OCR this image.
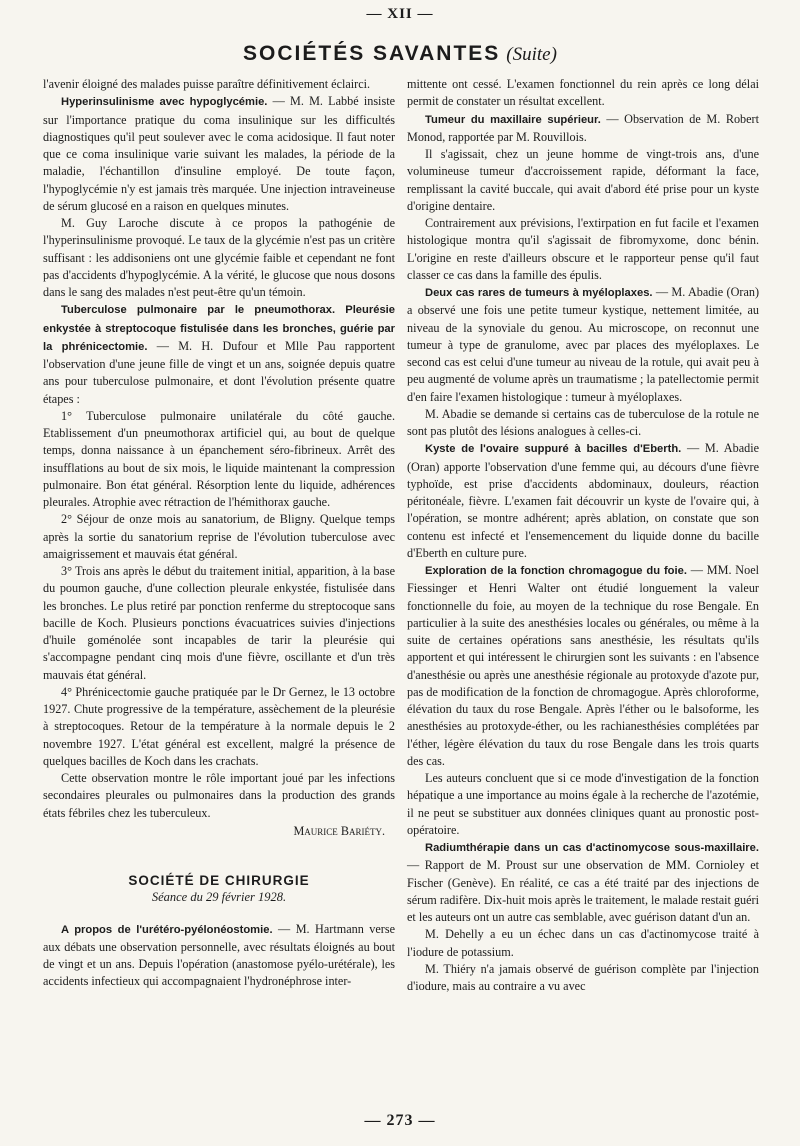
— XII —
SOCIÉTÉS SAVANTES (Suite)

l'avenir éloigné des malades puisse paraître définitivement éclairci.

Hyperinsulinisme avec hypoglycémie. — M. M. Labbé insiste sur l'importance pratique du coma insulinique sur les difficultés diagnostiques qu'il peut soulever avec le coma acidosique. Il faut noter que ce coma insulinique varie suivant les malades, la période de la maladie, l'échantillon d'insuline employé. De toute façon, l'hypoglycémie n'y est jamais très marquée. Une injection intraveineuse de sérum glucosé en a raison en quelques minutes.

M. Guy Laroche discute à ce propos la pathogénie de l'hyperinsulinisme provoqué. Le taux de la glycémie n'est pas un critère suffisant : les addisoniens ont une glycémie faible et cependant ne font pas d'accidents d'hypoglycémie. A la vérité, le glucose que nous dosons dans le sang des malades n'est peut-être qu'un témoin.

Tuberculose pulmonaire par le pneumothorax. Pleurésie enkystée à streptocoque fistulisée dans les bronches, guérie par la phrénicectomie. — M. H. Dufour et Mlle Pau rapportent l'observation d'une jeune fille de vingt et un ans, soignée depuis quatre ans pour tuberculose pulmonaire, et dont l'évolution présente quatre étapes :

1° Tuberculose pulmonaire unilatérale du côté gauche. Etablissement d'un pneumothorax artificiel qui, au bout de quelque temps, donna naissance à un épanchement séro-fibrineux. Arrêt des insufflations au bout de six mois, le liquide maintenant la compression pulmonaire. Bon état général. Résorption lente du liquide, adhérences pleurales. Atrophie avec rétraction de l'hémithorax gauche.

2° Séjour de onze mois au sanatorium, de Bligny. Quelque temps après la sortie du sanatorium reprise de l'évolution tuberculose avec amaigrissement et mauvais état général.

3° Trois ans après le début du traitement initial, apparition, à la base du poumon gauche, d'une collection pleurale enkystée, fistulisée dans les bronches. Le plus retiré par ponction renferme du streptocoque sans bacille de Koch. Plusieurs ponctions évacuatrices suivies d'injections d'huile goménolée sont incapables de tarir la pleurésie qui s'accompagne pendant cinq mois d'une fièvre, oscillante et d'un très mauvais état général.

4° Phrénicectomie gauche pratiquée par le Dr Gernez, le 13 octobre 1927. Chute progressive de la température, assèchement de la pleurésie à streptocoques. Retour de la température à la normale depuis le 2 novembre 1927. L'état général est excellent, malgré la présence de quelques bacilles de Koch dans les crachats.

Cette observation montre le rôle important joué par les infections secondaires pleurales ou pulmonaires dans la production des grands états fébriles chez les tuberculeux.

Maurice Bariéty.
SOCIÉTÉ DE CHIRURGIE
Séance du 29 février 1928.

A propos de l'urétéro-pyélonéostomie. — M. Hartmann verse aux débats une observation personnelle, avec résultats éloignés au bout de vingt et un ans. Depuis l'opération (anastomose pyélo-urétérale), les accidents infectieux qui accompagnaient l'hydronéphrose inter-

mittente ont cessé. L'examen fonctionnel du rein après ce long délai permit de constater un résultat excellent.

Tumeur du maxillaire supérieur. — Observation de M. Robert Monod, rapportée par M. Rouvillois.

Il s'agissait, chez un jeune homme de vingt-trois ans, d'une volumineuse tumeur d'accroissement rapide, déformant la face, remplissant la cavité buccale, qui avait d'abord été prise pour un kyste d'origine dentaire.

Contrairement aux prévisions, l'extirpation en fut facile et l'examen histologique montra qu'il s'agissait de fibromyxome, donc bénin. L'origine en reste d'ailleurs obscure et le rapporteur pense qu'il faut classer ce cas dans la famille des épulis.

Deux cas rares de tumeurs à myéloplaxes. — M. Abadie (Oran) a observé une fois une petite tumeur kystique, nettement limitée, au niveau de la synoviale du genou. Au microscope, on reconnut une tumeur à type de granulome, avec par places des myéloplaxes. Le second cas est celui d'une tumeur au niveau de la rotule, qui avait peu à peu augmenté de volume après un traumatisme ; la patellectomie permit d'en faire l'examen histologique : tumeur à myéloplaxes.

M. Abadie se demande si certains cas de tuberculose de la rotule ne sont pas plutôt des lésions analogues à celles-ci.

Kyste de l'ovaire suppuré à bacilles d'Eberth. — M. Abadie (Oran) apporte l'observation d'une femme qui, au décours d'une fièvre typhoïde, est prise d'accidents abdominaux, douleurs, réaction péritonéale, fièvre. L'examen fait découvrir un kyste de l'ovaire qui, à l'opération, se montre adhérent; après ablation, on constate que son contenu est infecté et l'ensemencement du liquide donne du bacille d'Eberth en culture pure.

Exploration de la fonction chromagogue du foie. — MM. Noel Fiessinger et Henri Walter ont étudié longuement la valeur fonctionnelle du foie, au moyen de la technique du rose Bengale. En particulier à la suite des anesthésies locales ou générales, ou même à la suite de certaines opérations sans anesthésie, les résultats qu'ils apportent et qui intéressent le chirurgien sont les suivants : en l'absence d'anesthésie ou après une anesthésie régionale au protoxyde d'azote pur, pas de modification de la fonction de chromagogue. Après chloroforme, élévation du taux du rose Bengale. Après l'éther ou le balsoforme, les anesthésies au protoxyde-éther, ou les rachianesthésies complétées par l'éther, légère élévation du taux du rose Bengale dans les trois quarts des cas.

Les auteurs concluent que si ce mode d'investigation de la fonction hépatique a une importance au moins égale à la recherche de l'azotémie, il ne peut se substituer aux données cliniques quant au pronostic post-opératoire.

Radiumthérapie dans un cas d'actinomycose sous-maxillaire. — Rapport de M. Proust sur une observation de MM. Cornioley et Fischer (Genève). En réalité, ce cas a été traité par des injections de sérum radifère. Dix-huit mois après le traitement, le malade restait guéri et les auteurs ont un autre cas semblable, avec guérison datant d'un an.

M. Dehelly a eu un échec dans un cas d'actinomycose traité à l'iodure de potassium.

M. Thiéry n'a jamais observé de guérison complète par l'injection d'iodure, mais au contraire a vu avec

— 273 —
